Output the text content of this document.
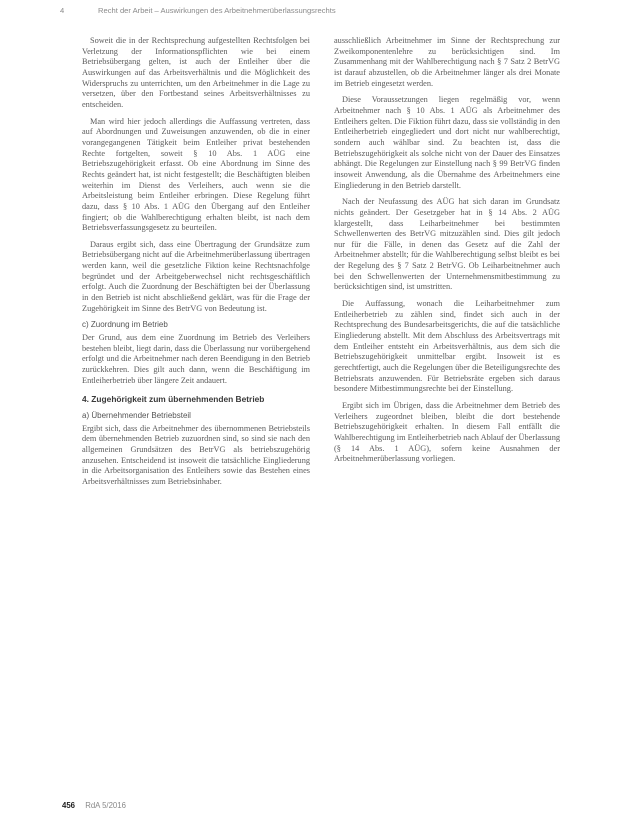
4	Recht der Arbeit – Auswirkungen des Arbeitnehmerüberlassungsrechts

Soweit die in der Rechtsprechung aufgestellten Rechtsfolgen bei Verletzung der Informationspflichten wie bei einem Betriebsübergang gelten, ist auch der Entleiher über die Auswirkungen auf das Arbeitsverhältnis und die Möglichkeit des Widerspruchs zu unterrichten, um den Arbeitnehmer in die Lage zu versetzen, über den Fortbestand seines Arbeitsverhältnisses zu entscheiden.

Man wird hier jedoch allerdings die Auffassung vertreten, dass auf Abordnungen und Zuweisungen anzuwenden, ob die in einer vorangegangenen Tätigkeit beim Entleiher privat bestehenden Rechte fortgelten, soweit § 10 Abs. 1 AÜG eine Betriebszugehörigkeit erfasst. Ob eine Abordnung im Sinne des Rechts geändert hat, ist nicht festgestellt; die Beschäftigten bleiben weiterhin im Dienst des Verleihers, auch wenn sie die Arbeitsleistung beim Entleiher erbringen. Diese Regelung führt dazu, dass § 10 Abs. 1 AÜG den Übergang auf den Entleiher fingiert; ob die Wahlberechtigung erhalten bleibt, ist nach dem Betriebsverfassungsgesetz zu beurteilen.

Daraus ergibt sich, dass eine Übertragung der Grundsätze zum Betriebsübergang nicht auf die Arbeitnehmerüberlassung übertragen werden kann, weil die gesetzliche Fiktion keine Rechtsnachfolge begründet und der Arbeitgeberwechsel nicht rechtsgeschäftlich erfolgt. Auch die Zuordnung der Beschäftigten bei der Überlassung in den Betrieb ist nicht abschließend geklärt, was für die Frage der Zugehörigkeit im Sinne des BetrVG von Bedeutung ist.

c) Zuordnung im Betrieb

Der Grund, aus dem eine Zuordnung im Betrieb des Verleihers bestehen bleibt, liegt darin, dass die Überlassung nur vorübergehend erfolgt und die Arbeitnehmer nach deren Beendigung in den Betrieb zurückkehren. Dies gilt auch dann, wenn die Beschäftigung im Entleiherbetrieb über längere Zeit andauert.

4. Zugehörigkeit zum übernehmenden Betrieb
a) Übernehmender Betriebsteil

Ergibt sich, dass die Arbeitnehmer des übernommenen Betriebsteils dem übernehmenden Betrieb zuzuordnen sind, so sind sie nach den allgemeinen Grundsätzen des BetrVG als betriebszugehörig anzusehen. Entscheidend ist insoweit die tatsächliche Eingliederung in die Arbeitsorganisation des Entleihers sowie das Bestehen eines Arbeitsverhältnisses zum Betriebsinhaber.

ausschließlich Arbeitnehmer im Sinne der Rechtsprechung zur Zweikomponentenlehre zu berücksichtigen sind. Im Zusammenhang mit der Wahlberechtigung nach § 7 Satz 2 BetrVG ist darauf abzustellen, ob die Arbeitnehmer länger als drei Monate im Betrieb eingesetzt werden.

Diese Voraussetzungen liegen regelmäßig vor, wenn Arbeitnehmer nach § 10 Abs. 1 AÜG als Arbeitnehmer des Entleihers gelten. Die Fiktion führt dazu, dass sie vollständig in den Entleiherbetrieb eingegliedert und dort nicht nur wahlberechtigt, sondern auch wählbar sind. Zu beachten ist, dass die Betriebszugehörigkeit als solche nicht von der Dauer des Einsatzes abhängt. Die Regelungen zur Einstellung nach § 99 BetrVG finden insoweit Anwendung, als die Übernahme des Arbeitnehmers eine Eingliederung in den Betrieb darstellt.

Nach der Neufassung des AÜG hat sich daran im Grundsatz nichts geändert. Der Gesetzgeber hat in § 14 Abs. 2 AÜG klargestellt, dass Leiharbeitnehmer bei bestimmten Schwellenwerten des BetrVG mitzuzählen sind. Dies gilt jedoch nur für die Fälle, in denen das Gesetz auf die Zahl der Arbeitnehmer abstellt; für die Wahlberechtigung selbst bleibt es bei der Regelung des § 7 Satz 2 BetrVG. Ob Leiharbeitnehmer auch bei den Schwellenwerten der Unternehmensmitbestimmung zu berücksichtigen sind, ist umstritten.

Die Auffassung, wonach die Leiharbeitnehmer zum Entleiherbetrieb zu zählen sind, findet sich auch in der Rechtsprechung des Bundesarbeitsgerichts, die auf die tatsächliche Eingliederung abstellt. Mit dem Abschluss des Arbeitsvertrags mit dem Entleiher entsteht ein Arbeitsverhältnis, aus dem sich die Betriebszugehörigkeit unmittelbar ergibt. Insoweit ist es gerechtfertigt, auch die Regelungen über die Beteiligungsrechte des Betriebsrats anzuwenden. Für Betriebsräte ergeben sich daraus besondere Mitbestimmungsrechte bei der Einstellung.

Ergibt sich im Übrigen, dass die Arbeitnehmer dem Betrieb des Verleihers zugeordnet bleiben, bleibt die dort bestehende Betriebszugehörigkeit erhalten. In diesem Fall entfällt die Wahlberechtigung im Entleiherbetrieb nach Ablauf der Überlassung (§ 14 Abs. 1 AÜG), sofern keine Ausnahmen der Arbeitnehmerüberlassung vorliegen.

456 RdA 5/2016
